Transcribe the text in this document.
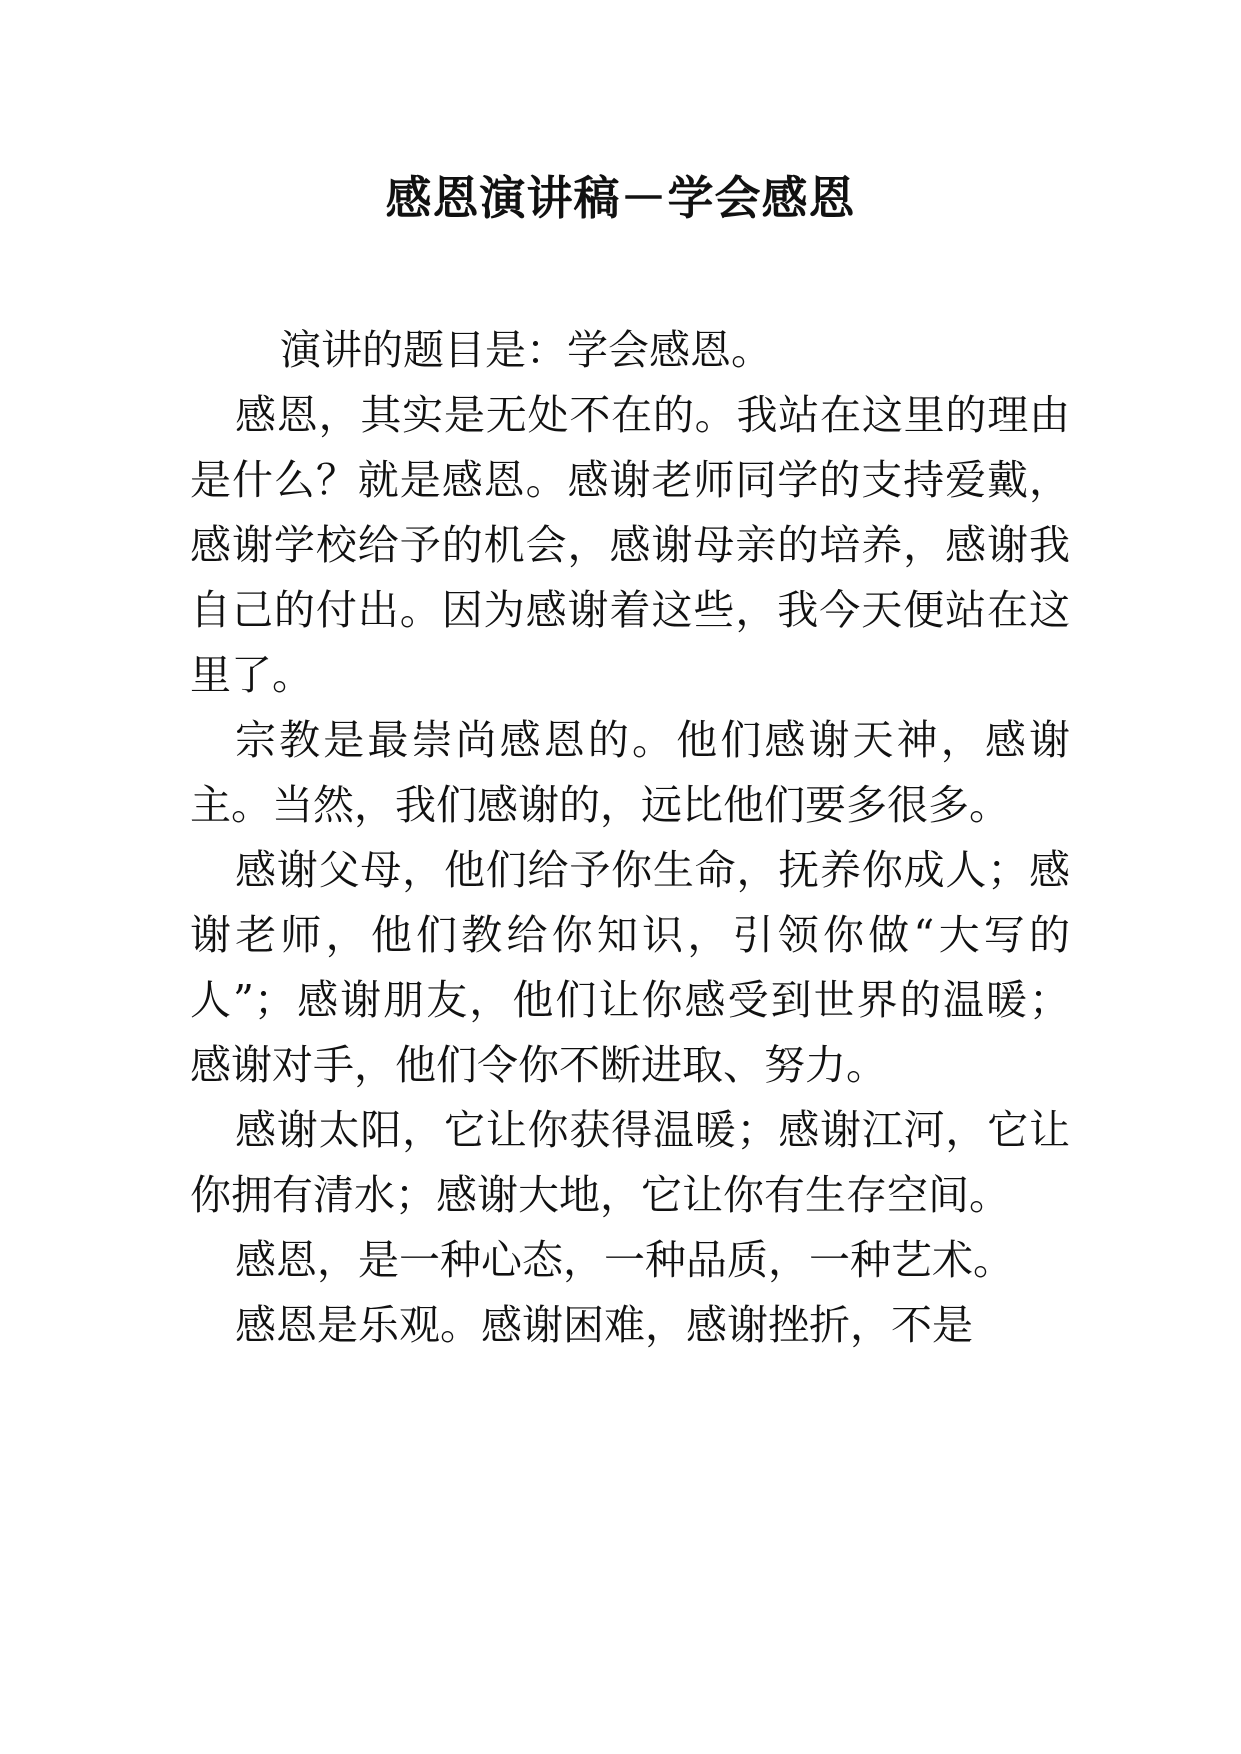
感恩演讲稿－学会感恩

演讲的题目是：学会感恩。

感恩，其实是无处不在的。我站在这里的理由是什么？就是感恩。感谢老师同学的支持爱戴，感谢学校给予的机会，感谢母亲的培养，感谢我自己的付出。因为感谢着这些，我今天便站在这里了。

宗教是最崇尚感恩的。他们感谢天神，感谢主。当然，我们感谢的，远比他们要多很多。

感谢父母，他们给予你生命，抚养你成人；感谢老师，他们教给你知识，引领你做“大写的人”；感谢朋友，他们让你感受到世界的温暖；感谢对手，他们令你不断进取、努力。

感谢太阳，它让你获得温暖；感谢江河，它让你拥有清水；感谢大地，它让你有生存空间。

感恩，是一种心态，一种品质，一种艺术。

感恩是乐观。感谢困难，感谢挫折，不是
